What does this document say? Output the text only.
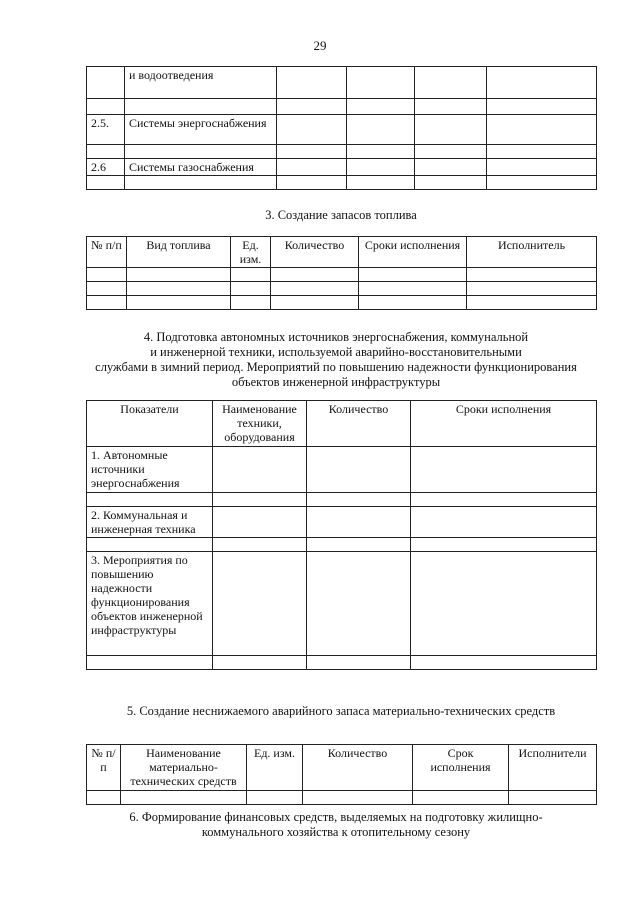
29
	и водоотведения				

2.5.	Системы энергоснабжения				

2.6	Системы газоснабжения				

3. Создание запасов топлива
№ п/п	Вид топлива	Ед. изм.	Количество	Сроки исполнения	Исполнитель

4. Подготовка автономных источников энергоснабжения, коммунальной
и инженерной техники, используемой аварийно-восстановительными
службами в зимний период. Мероприятий по повышению надежности функционирования
объектов инженерной инфраструктуры
Показатели	Наименование техники, оборудования	Количество	Сроки исполнения
1. Автономные источники энергоснабжения			

2. Коммунальная и инженерная техника			

3. Мероприятия по повышению надежности функционирования объектов инженерной инфраструктуры			

5. Создание неснижаемого аварийного запаса материально-технических средств
№ п/п	Наименование материально-технических средств	Ед. изм.	Количество	Срок исполнения	Исполнители

6. Формирование финансовых средств, выделяемых на подготовку жилищно-
коммунального хозяйства к отопительному сезону
